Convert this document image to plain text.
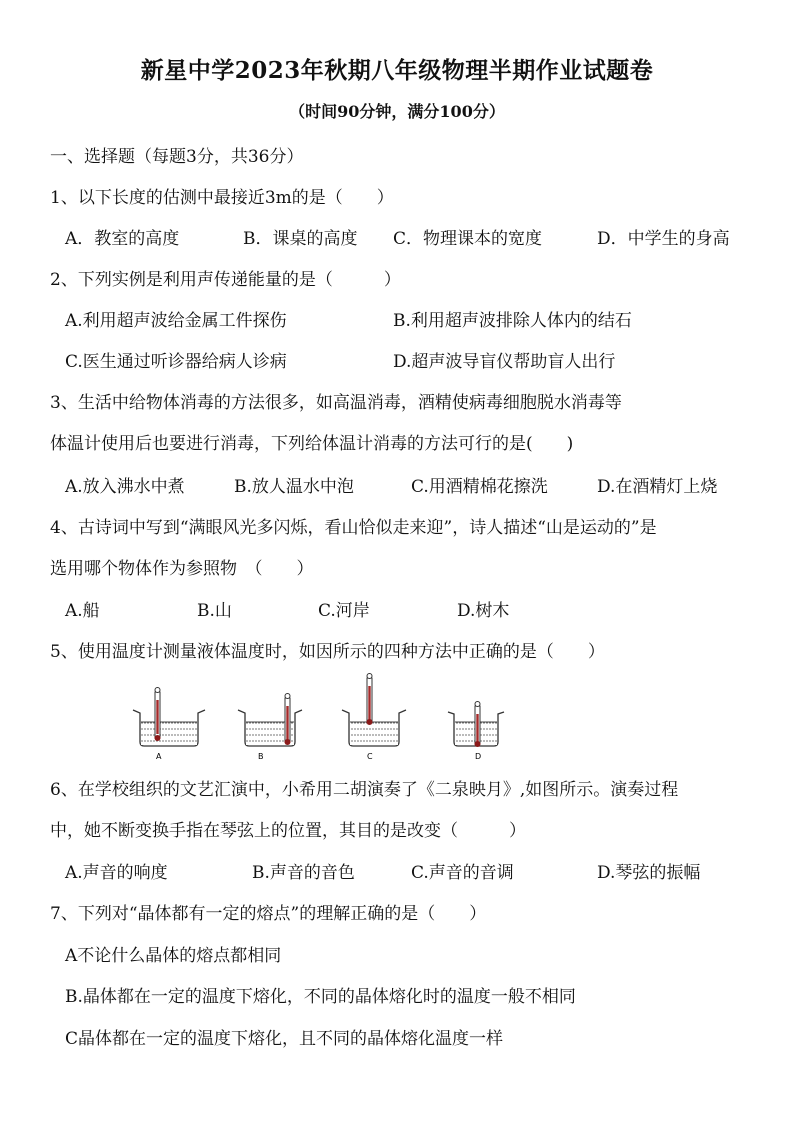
新星中学2023年秋期八年级物理半期作业试题卷
（时间90分钟，满分100分）
一、选择题（每题3分，共36分）
1、以下长度的估测中最接近3m的是（　　）
A．教室的高度	B．课桌的高度 C．物理课本的宽度	D．中学生的身高
2、下列实例是利用声传递能量的是（　　　）
A.利用超声波给金属工件探伤	B.利用超声波排除人体内的结石
C.医生通过听诊器给病人诊病	D.超声波导盲仪帮助盲人出行
3、生活中给物体消毒的方法很多，如高温消毒，酒精使病毒细胞脱水消毒等
体温计使用后也要进行消毒，下列给体温计消毒的方法可行的是(　　)
A.放入沸水中煮	B.放人温水中泡	C.用酒精棉花擦洗	D.在酒精灯上烧
4、古诗词中写到“满眼风光多闪烁，看山恰似走来迎”，诗人描述“山是运动的”是
选用哪个物体作为参照物　（　　）
A.船	B.山	C.河岸	D.树木
5、使用温度计测量液体温度时，如因所示的四种方法中正确的是（　　）
A	B	C	D
6、在学校组织的文艺汇演中，小希用二胡演奏了《二泉映月》,如图所示。演奏过程
中，她不断变换手指在琴弦上的位置，其目的是改变（　　　）
A.声音的响度	B.声音的音色	C.声音的音调	D.琴弦的振幅
7、下列对“晶体都有一定的熔点”的理解正确的是（　　）
A不论什么晶体的熔点都相同
B.晶体都在一定的温度下熔化，不同的晶体熔化时的温度一般不相同
C晶体都在一定的温度下熔化，且不同的晶体熔化温度一样
